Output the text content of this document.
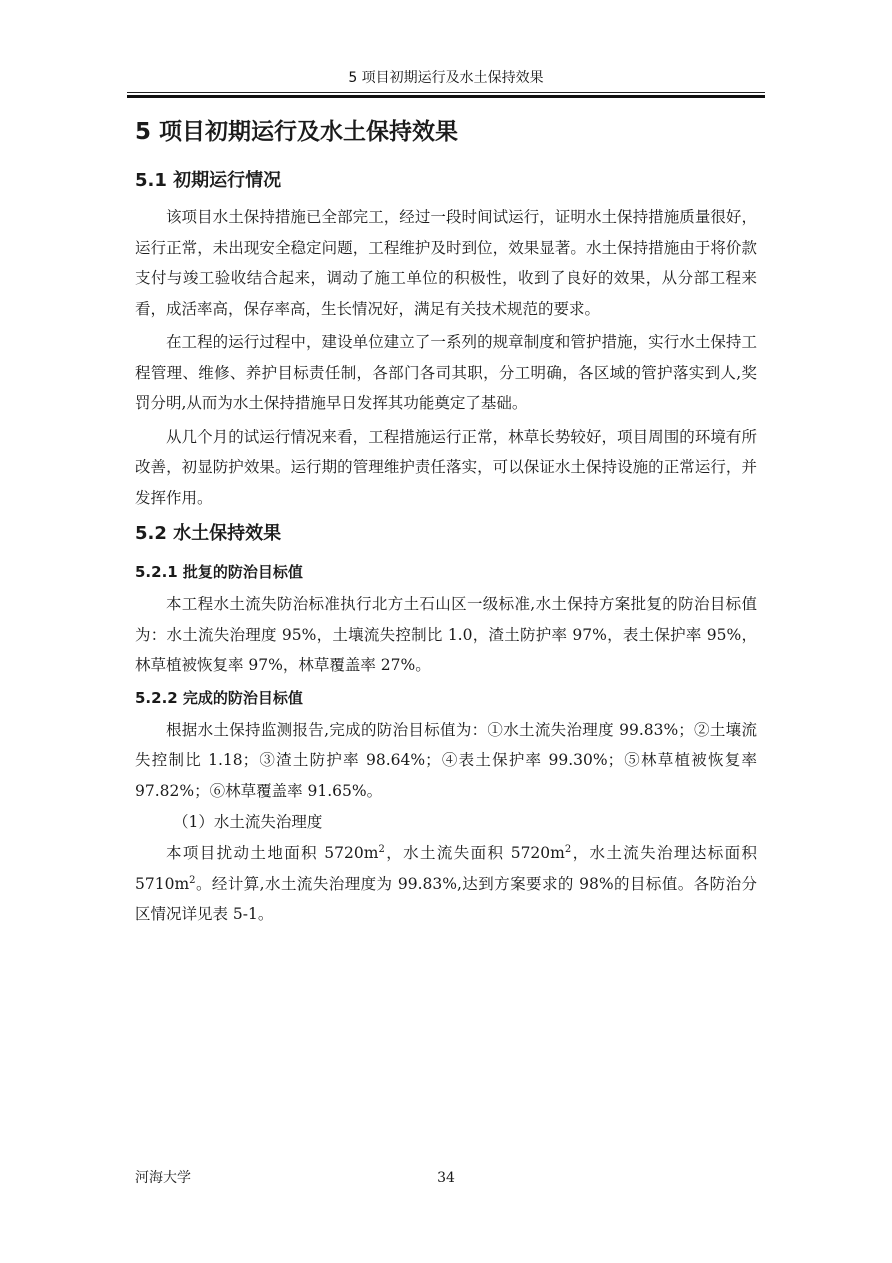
5 项目初期运行及水土保持效果
5 项目初期运行及水土保持效果
5.1 初期运行情况

该项目水土保持措施已全部完工，经过一段时间试运行，证明水土保持措施质量很好，运行正常，未出现安全稳定问题，工程维护及时到位，效果显著。水土保持措施由于将价款支付与竣工验收结合起来，调动了施工单位的积极性，收到了良好的效果，从分部工程来看，成活率高，保存率高，生长情况好，满足有关技术规范的要求。

在工程的运行过程中，建设单位建立了一系列的规章制度和管护措施，实行水土保持工程管理、维修、养护目标责任制，各部门各司其职，分工明确，各区域的管护落实到人,奖罚分明,从而为水土保持措施早日发挥其功能奠定了基础。

从几个月的试运行情况来看，工程措施运行正常，林草长势较好，项目周围的环境有所改善，初显防护效果。运行期的管理维护责任落实，可以保证水土保持设施的正常运行，并发挥作用。

5.2 水土保持效果
5.2.1 批复的防治目标值

本工程水土流失防治标准执行北方土石山区一级标准,水土保持方案批复的防治目标值为：水土流失治理度 95%，土壤流失控制比 1.0，渣土防护率 97%，表土保护率 95%，林草植被恢复率 97%，林草覆盖率 27%。

5.2.2 完成的防治目标值

根据水土保持监测报告,完成的防治目标值为：①水土流失治理度 99.83%；②土壤流失控制比 1.18；③渣土防护率 98.64%；④表土保护率 99.30%；⑤林草植被恢复率 97.82%；⑥林草覆盖率 91.65%。

（1）水土流失治理度

本项目扰动土地面积 $5720m^2$，水土流失面积 $5720m^2$，水土流失治理达标面积 $5710m^2$。经计算,水土流失治理度为 99.83%,达到方案要求的 98%的目标值。各防治分区情况详见表 5-1。

河海大学	34
